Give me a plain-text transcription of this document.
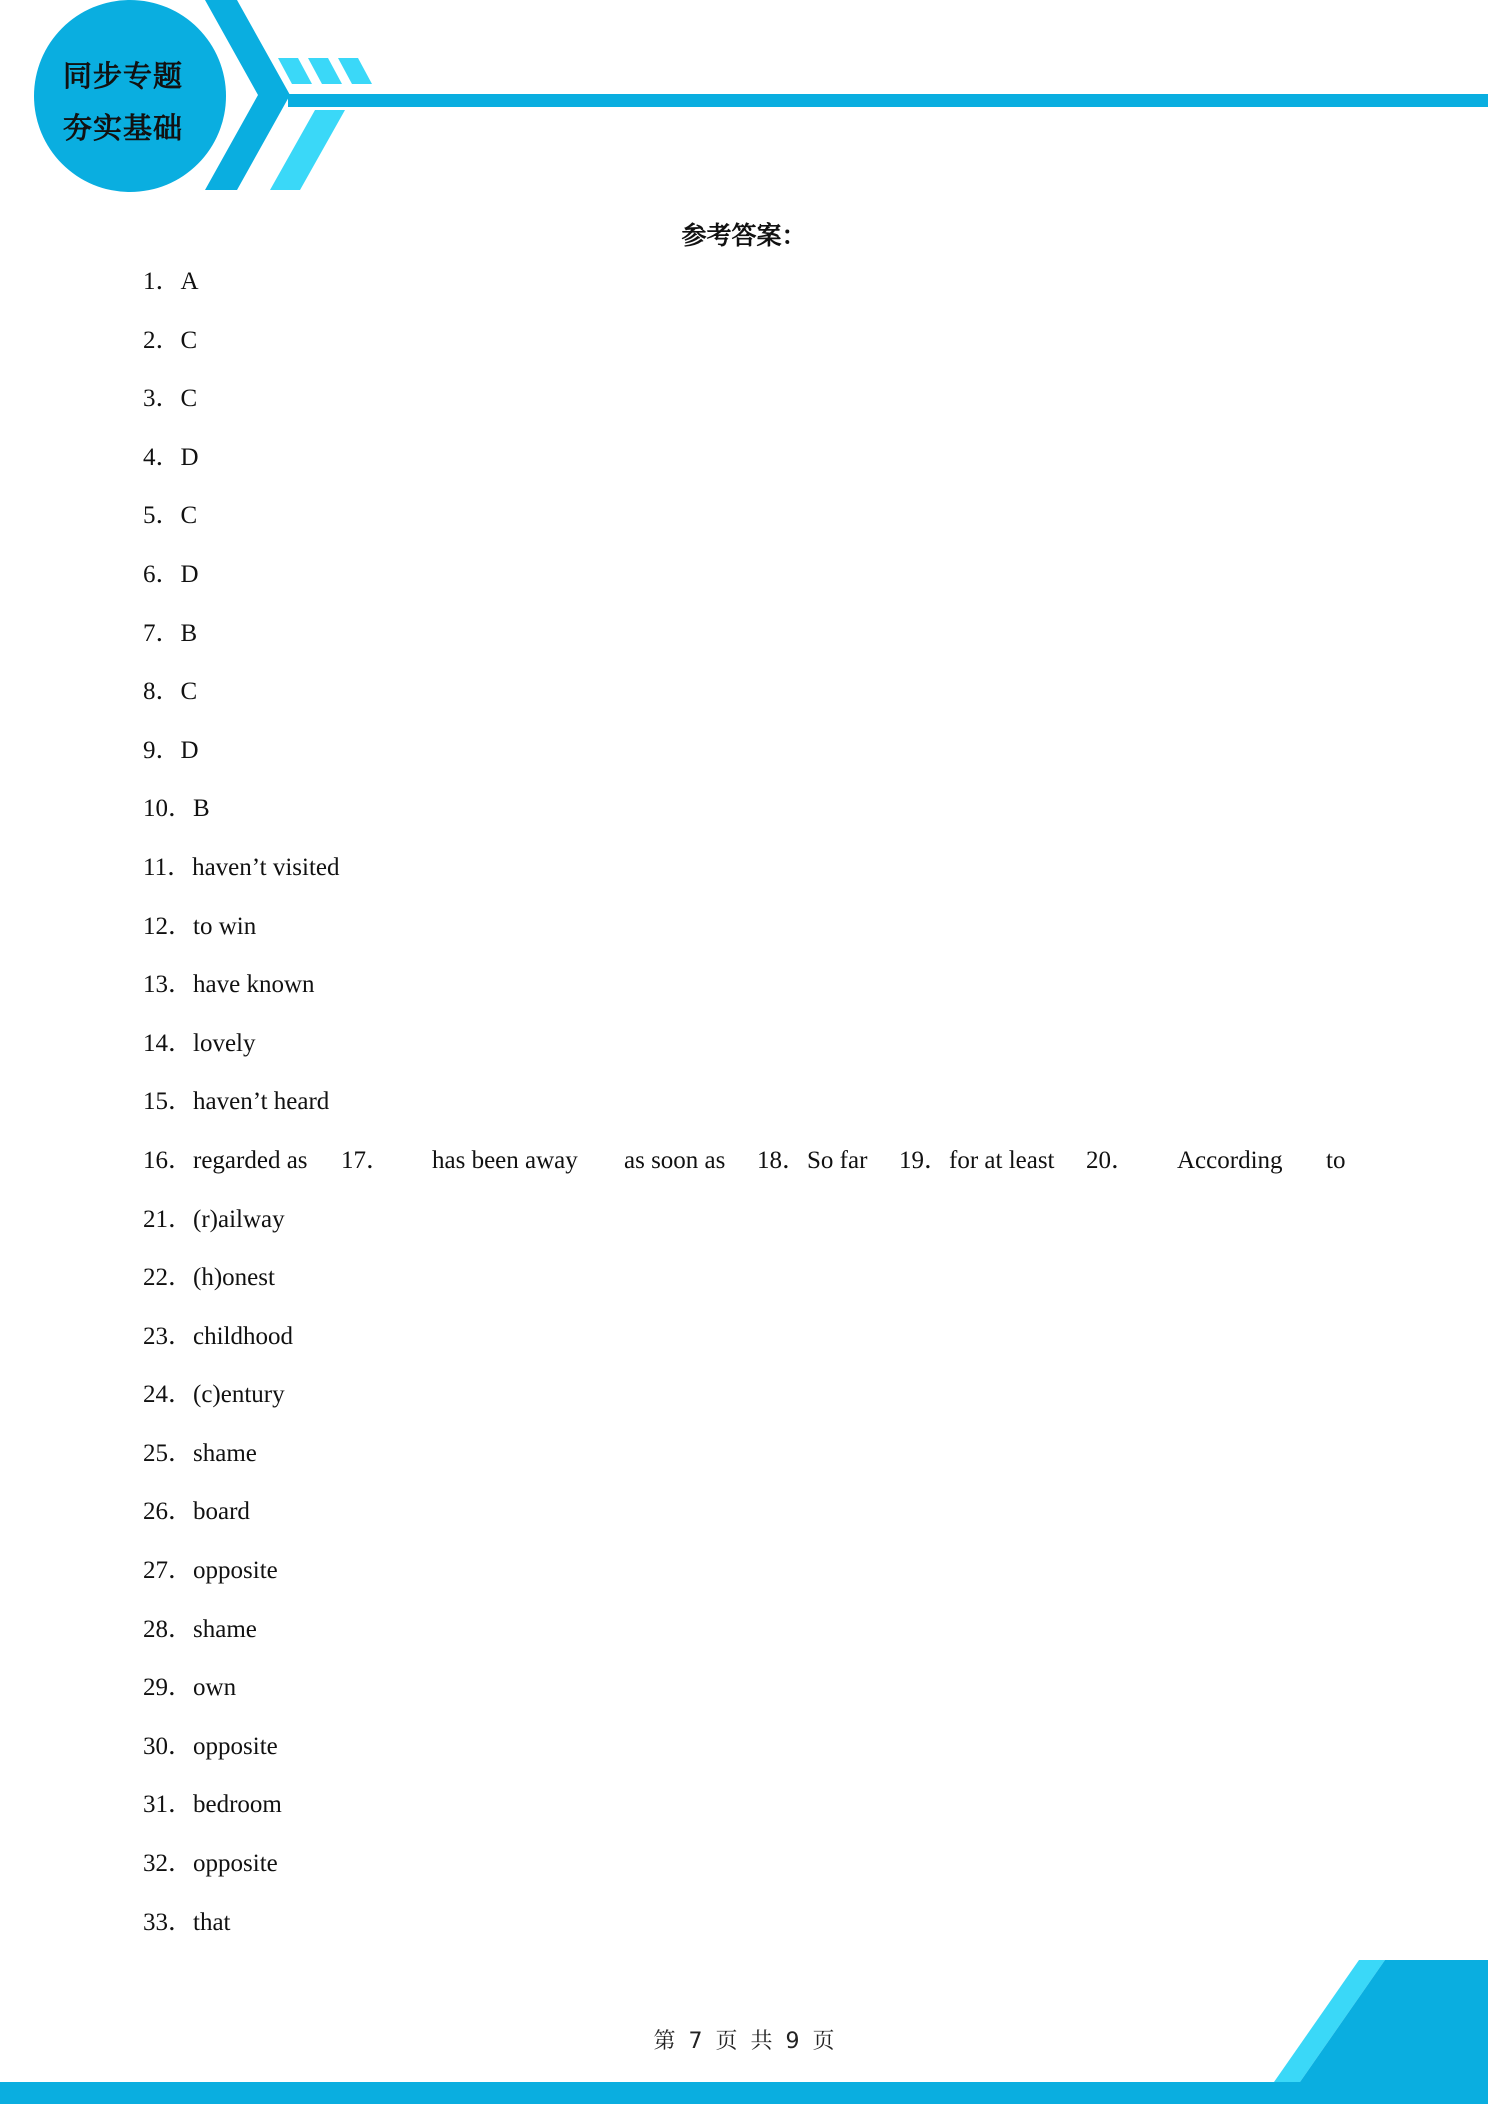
同步专题
夯实基础
参考答案：
1．A
2．C
3．C
4．D
5．C
6．D
7．B
8．C
9．D
10．B
11．haven’t visited
12．to win
13．have known
14．lovely
15．haven’t heard

16．regarded as

17．

has been away

as soon as

18．So far

19．for at least

20．

According

to

21．(r)ailway
22．(h)onest
23．childhood
24．(c)entury
25．shame
26．board
27．opposite
28．shame
29．own
30．opposite
31．bedroom
32．opposite
33．that
第 7 页 共 9 页
